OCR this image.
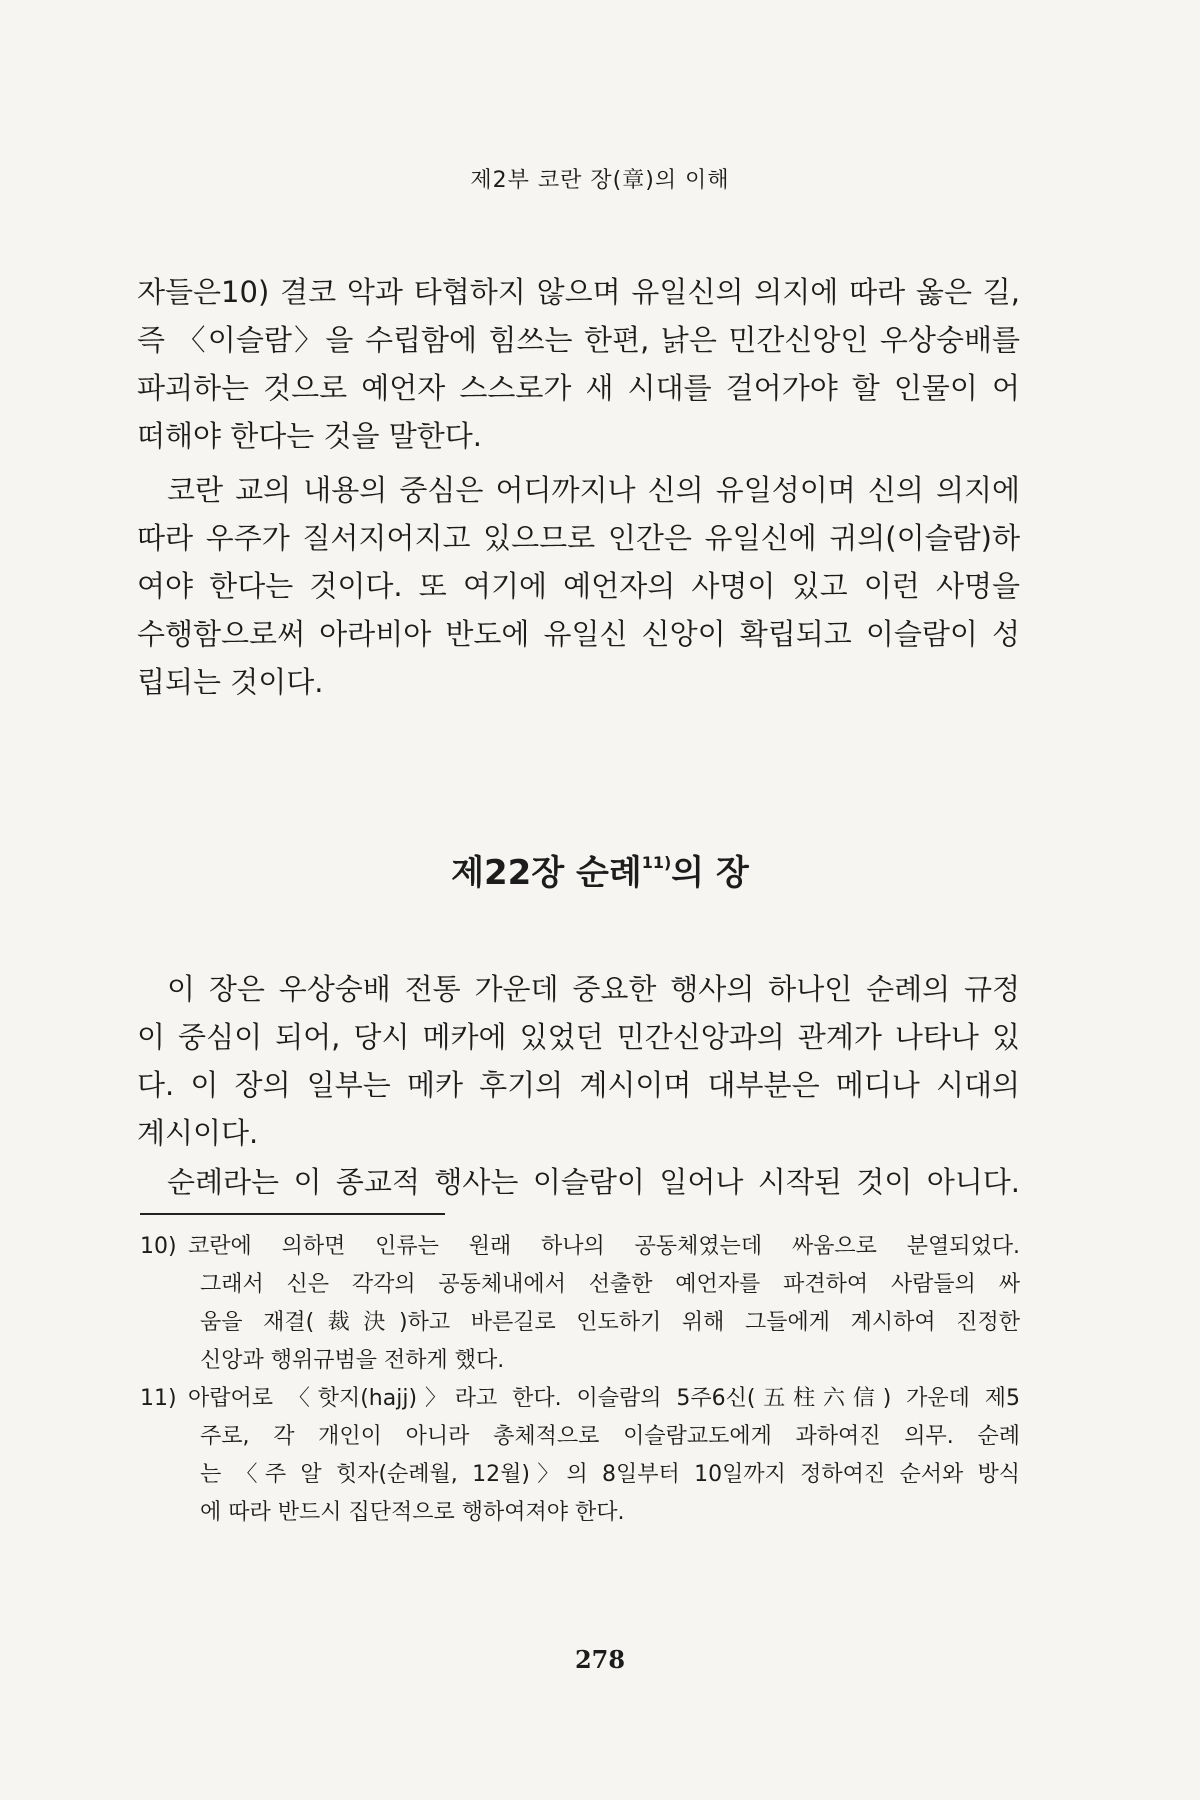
제2부 코란 장(章)의 이해
자들은10) 결코 악과 타협하지 않으며 유일신의 의지에 따라 옳은 길,
즉 〈이슬람〉을 수립함에 힘쓰는 한편, 낡은 민간신앙인 우상숭배를
파괴하는 것으로 예언자 스스로가 새 시대를 걸어가야 할 인물이 어
떠해야 한다는 것을 말한다.
코란 교의 내용의 중심은 어디까지나 신의 유일성이며 신의 의지에
따라 우주가 질서지어지고 있으므로 인간은 유일신에 귀의(이슬람)하
여야 한다는 것이다. 또 여기에 예언자의 사명이 있고 이런 사명을
수행함으로써 아라비아 반도에 유일신 신앙이 확립되고 이슬람이 성
립되는 것이다.
제22장 순례$^{11)}$의 장
이 장은 우상숭배 전통 가운데 중요한 행사의 하나인 순례의 규정
이 중심이 되어, 당시 메카에 있었던 민간신앙과의 관계가 나타나 있
다. 이 장의 일부는 메카 후기의 계시이며 대부분은 메디나 시대의
계시이다.
순례라는 이 종교적 행사는 이슬람이 일어나 시작된 것이 아니다.
10) 코란에 의하면 인류는 원래 하나의 공동체였는데 싸움으로 분열되었다.
그래서 신은 각각의 공동체내에서 선출한 예언자를 파견하여 사람들의 싸
움을 재결(裁決)하고 바른길로 인도하기 위해 그들에게 계시하여 진정한
신앙과 행위규범을 전하게 했다.
11) 아랍어로 〈핫지(hajj)〉라고 한다. 이슬람의 5주6신(五柱六信) 가운데 제5
주로, 각 개인이 아니라 총체적으로 이슬람교도에게 과하여진 의무. 순례
는 〈주 알 힛자(순례월, 12월)〉의 8일부터 10일까지 정하여진 순서와 방식
에 따라 반드시 집단적으로 행하여져야 한다.
278
